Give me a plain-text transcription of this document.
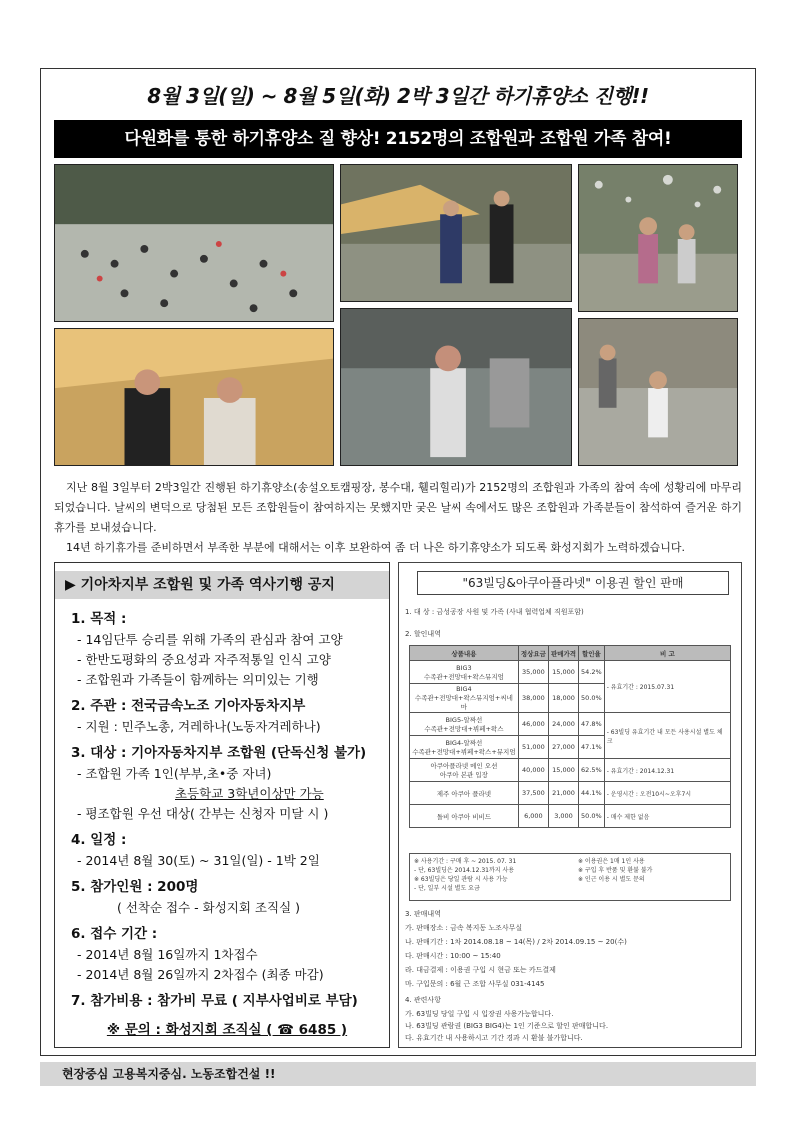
8월 3일(일) ~ 8월 5일(화) 2박 3일간 하기휴양소 진행!!
다원화를 통한 하기휴양소 질 향상! 2152명의 조합원과 조합원 가족 참여!

지난 8월 3일부터 2박3일간 진행된 하기휴양소(송설오토캠핑장, 봉수대, 휄리힐리)가 2152명의 조합원과 가족의 참여 속에 성황리에 마무리 되었습니다. 날씨의 변덕으로 당첨된 모든 조합원들이 참여하지는 못했지만 궂은 날씨 속에서도 많은 조합원과 가족분들이 참석하여 즐거운 하기휴가를 보내셨습니다.

14년 하기휴가를 준비하면서 부족한 부분에 대해서는 이후 보완하여 좀 더 나은 하기휴양소가 되도록 화성지회가 노력하겠습니다.

▶ 기아차지부 조합원 및 가족 역사기행 공지
1. 목적 :
- 14임단투 승리를 위해 가족의 관심과 참여 고양
- 한반도평화의 중요성과 자주적통일 인식 고양
- 조합원과 가족들이 함께하는 의미있는 기행
2. 주관 : 전국금속노조 기아자동차지부
- 지원 : 민주노총, 겨레하나(노동자겨레하나)
3. 대상 : 기아자동차지부 조합원 (단독신청 불가)
- 조합원 가족 1인(부부,초•중 자녀)
초등학교 3학년이상만 가능
- 평조합원 우선 대상( 간부는 신청자 미달 시 )
4. 일정 :
- 2014년 8월 30(토) ~ 31일(일) - 1박 2일
5. 참가인원 : 200명
( 선착순 접수 - 화성지회 조직실 )
6. 접수 기간 :
- 2014년 8월 16일까지 1차접수
- 2014년 8월 26일까지 2차접수 (최종 마감)
7. 참가비용 : 참가비 무료 ( 지부사업비로 부담)
※ 문의 : 화성지회 조직실 ( ☎ 6485 )
"63빌딩&아쿠아플라넷" 이용권 할인 판매
1. 대 상 : 금성공장 사원 및 가족 (사내 협력업체 직원포함)
2. 할인내역
상품내용	정상요금	판매가격	할인율	비 고
BIG3
수족관+전망대+왁스뮤지엄	35,000	15,000	54.2%	- 유효기간 : 2015.07.31
BIG4
수족관+전망대+왁스뮤지엄+씨네마	38,000	18,000	50.0%	
BIG5-알짜선
수족관+전망대+뷔페+왁스	46,000	24,000	47.8%	- 63빌딩 유효기간 내 모든 사용시설 별도 체크
BIG4-알짜선
수족관+전망대+뷔페+왁스+뮤지엄	51,000	27,000	47.1%	
아쿠아플라넷 메인 오션
아쿠아 본관 입장	40,000	15,000	62.5%	- 유효기간 : 2014.12.31
제주 아쿠아 플라넷	37,500	21,000	44.1%	- 운영시간 : 오전10시~오후7시
돌비 아쿠아 비비드	6,000	3,000	50.0%	- 매수 제한 없음
※ 사용기간 : 구매 후 ~ 2015. 07. 31
- 단, 63빌딩은 2014.12.31까지 사용
※ 63빌딩은 당일 관람 시 사용 가능
- 단, 일부 시설 별도 요금
※ 이용권은 1매 1인 사용
※ 구입 후 반품 및 환불 불가
※ 인근 이용 시 별도 문의
3. 판매내역
가. 판매장소 : 금속 복지동 노조사무실
나. 판매기간 : 1차 2014.08.18 ~ 14(목) / 2차 2014.09.15 ~ 20(수)
다. 판매시간 : 10:00 ~ 15:40
라. 대금결제 : 이용권 구입 시 현금 또는 카드결제
마. 구입문의 : 6월 근 조합 사무실 031-4145
4. 관련사항
가. 63빌딩 당일 구입 시 입장권 사용가능합니다.
나. 63빌딩 관람권 (BIG3 BIG4)는 1인 기준으로 할인 판매합니다.
다. 유효기간 내 사용하시고 기간 경과 시 환불 불가합니다.
현장중심 고용복지중심. 노동조합건설 !!
